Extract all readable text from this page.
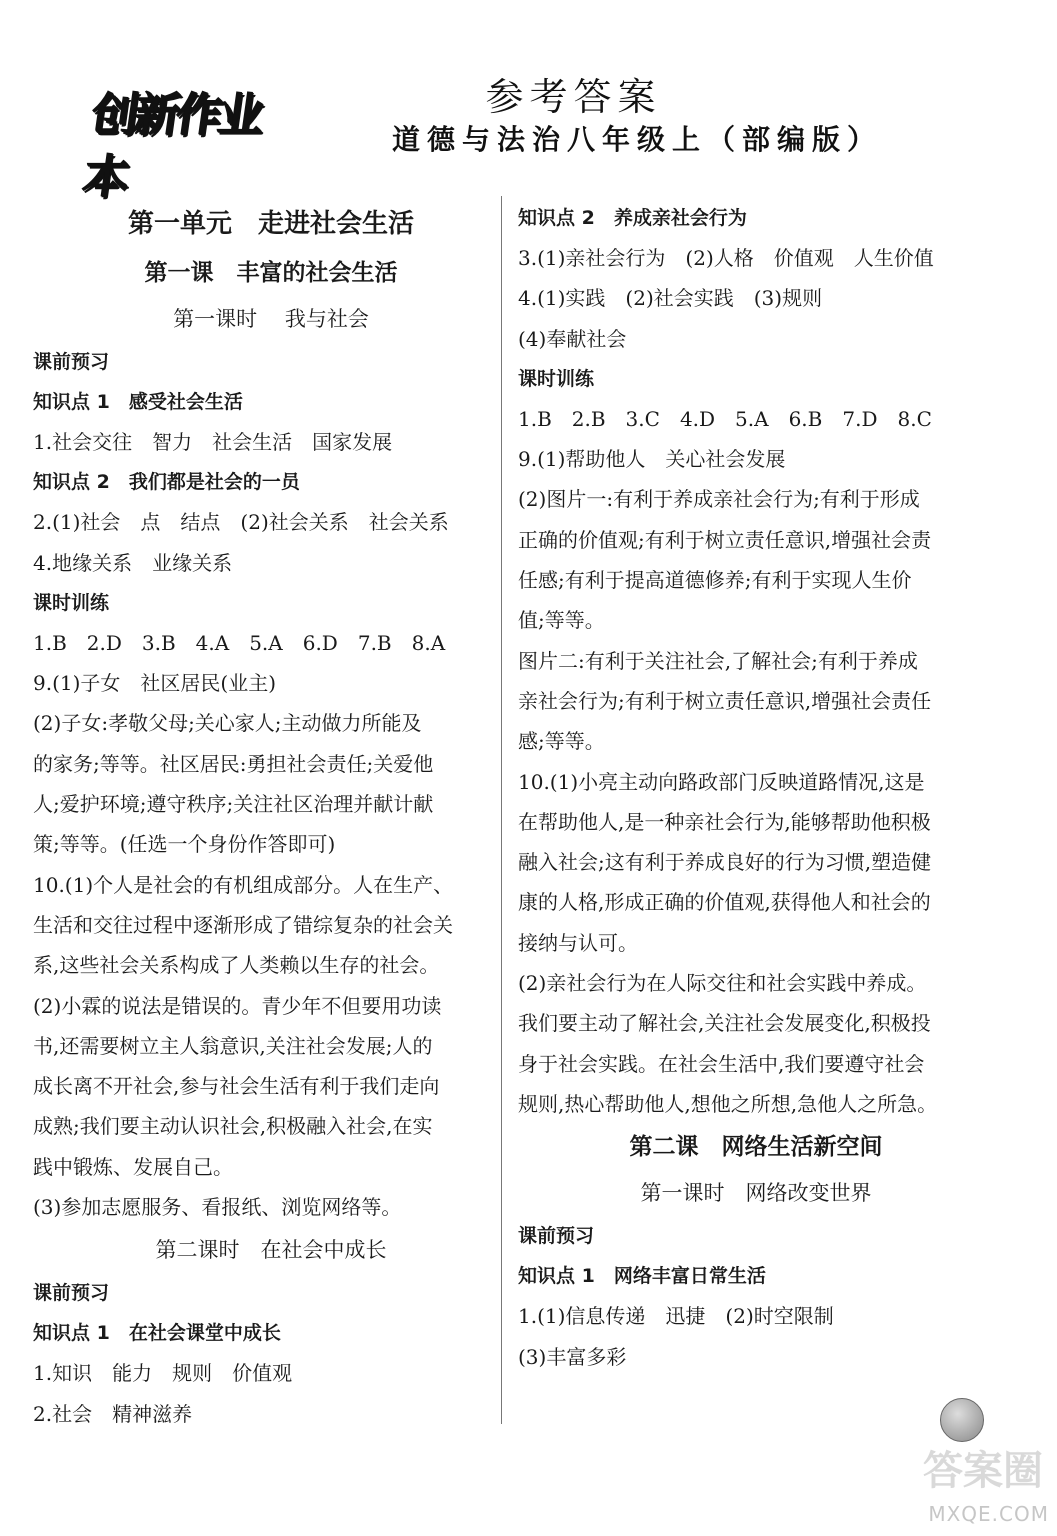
创新作业本
参考答案
道德与法治八年级上（部编版）
第一单元　走进社会生活
第一课　丰富的社会生活
第一课时　 我与社会
课前预习
知识点 1　感受社会生活
1.社会交往　智力　社会生活　国家发展
知识点 2　我们都是社会的一员
2.(1)社会　点　结点　(2)社会关系　社会关系
4.地缘关系　业缘关系
课时训练
1.B　2.D　3.B　4.A　5.A　6.D　7.B　8.A
9.(1)子女　社区居民(业主)
(2)子女:孝敬父母;关心家人;主动做力所能及
的家务;等等。社区居民:勇担社会责任;关爱他
人;爱护环境;遵守秩序;关注社区治理并献计献
策;等等。(任选一个身份作答即可)
10.(1)个人是社会的有机组成部分。人在生产、
生活和交往过程中逐渐形成了错综复杂的社会关
系,这些社会关系构成了人类赖以生存的社会。
(2)小霖的说法是错误的。青少年不但要用功读
书,还需要树立主人翁意识,关注社会发展;人的
成长离不开社会,参与社会生活有利于我们走向
成熟;我们要主动认识社会,积极融入社会,在实
践中锻炼、发展自己。
(3)参加志愿服务、看报纸、浏览网络等。
第二课时　在社会中成长
课前预习
知识点 1　在社会课堂中成长
1.知识　能力　规则　价值观
2.社会　精神滋养
知识点 2　养成亲社会行为
3.(1)亲社会行为　(2)人格　价值观　人生价值
4.(1)实践　(2)社会实践　(3)规则
(4)奉献社会
课时训练
1.B　2.B　3.C　4.D　5.A　6.B　7.D　8.C
9.(1)帮助他人　关心社会发展
(2)图片一:有利于养成亲社会行为;有利于形成
正确的价值观;有利于树立责任意识,增强社会责
任感;有利于提高道德修养;有利于实现人生价
值;等等。
图片二:有利于关注社会,了解社会;有利于养成
亲社会行为;有利于树立责任意识,增强社会责任
感;等等。
10.(1)小亮主动向路政部门反映道路情况,这是
在帮助他人,是一种亲社会行为,能够帮助他积极
融入社会;这有利于养成良好的行为习惯,塑造健
康的人格,形成正确的价值观,获得他人和社会的
接纳与认可。
(2)亲社会行为在人际交往和社会实践中养成。
我们要主动了解社会,关注社会发展变化,积极投
身于社会实践。在社会生活中,我们要遵守社会
规则,热心帮助他人,想他之所想,急他人之所急。
第二课　网络生活新空间
第一课时　网络改变世界
课前预习
知识点 1　网络丰富日常生活
1.(1)信息传递　迅捷　(2)时空限制
(3)丰富多彩
答案圈
MXQE.COM
